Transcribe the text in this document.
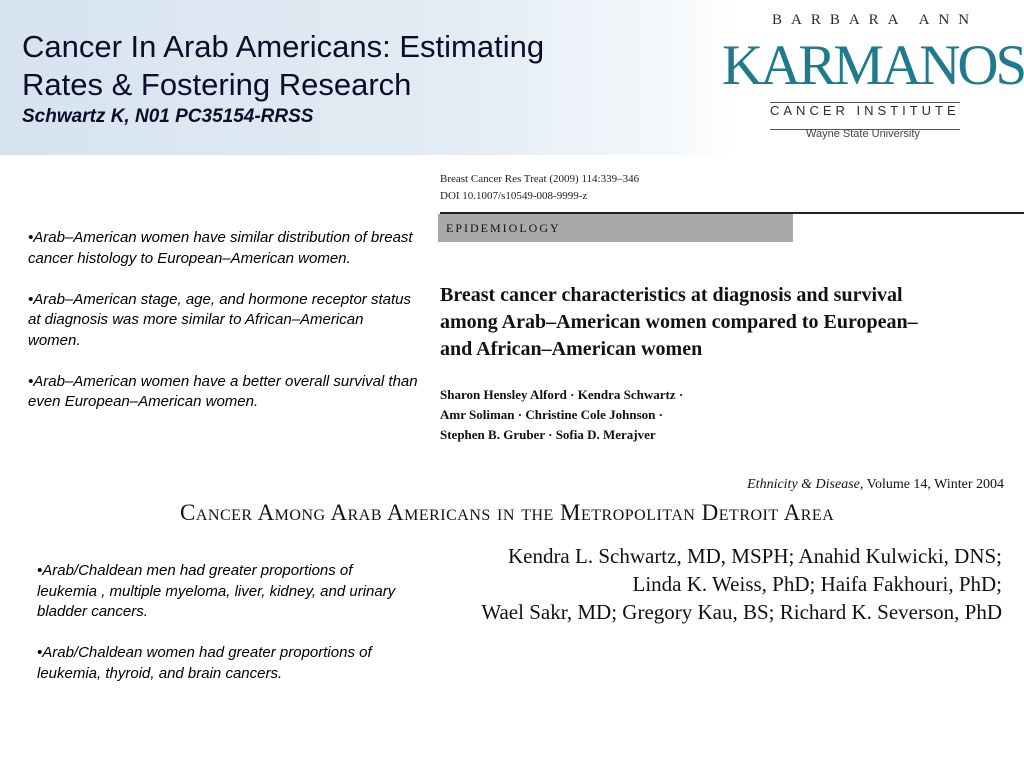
Cancer In Arab Americans: Estimating
Rates & Fostering Research
Schwartz K, N01 PC35154-RRSS
BARBARA ANN
KARMANOS
CANCER INSTITUTE
Wayne State University

•Arab–American women have similar distribution of breast cancer histology to European–American women.

•Arab–American stage, age, and hormone receptor status at diagnosis was more similar to African–American women.

•Arab–American women have a better overall survival than even European–American women.

•Arab/Chaldean men had greater proportions of leukemia , multiple myeloma, liver, kidney, and urinary bladder cancers.

•Arab/Chaldean women had greater proportions of leukemia, thyroid, and brain cancers.

Breast Cancer Res Treat (2009) 114:339–346
DOI 10.1007/s10549-008-9999-z
EPIDEMIOLOGY
Breast cancer characteristics at diagnosis and survival
among Arab–American women compared to European–
and African–American women
Sharon Hensley Alford · Kendra Schwartz ·
Amr Soliman · Christine Cole Johnson ·
Stephen B. Gruber · Sofia D. Merajver
Ethnicity & Disease, Volume 14, Winter 2004
Cancer Among Arab Americans in the Metropolitan Detroit Area
Kendra L. Schwartz, MD, MSPH; Anahid Kulwicki, DNS;
Linda K. Weiss, PhD; Haifa Fakhouri, PhD;
Wael Sakr, MD; Gregory Kau, BS; Richard K. Severson, PhD
